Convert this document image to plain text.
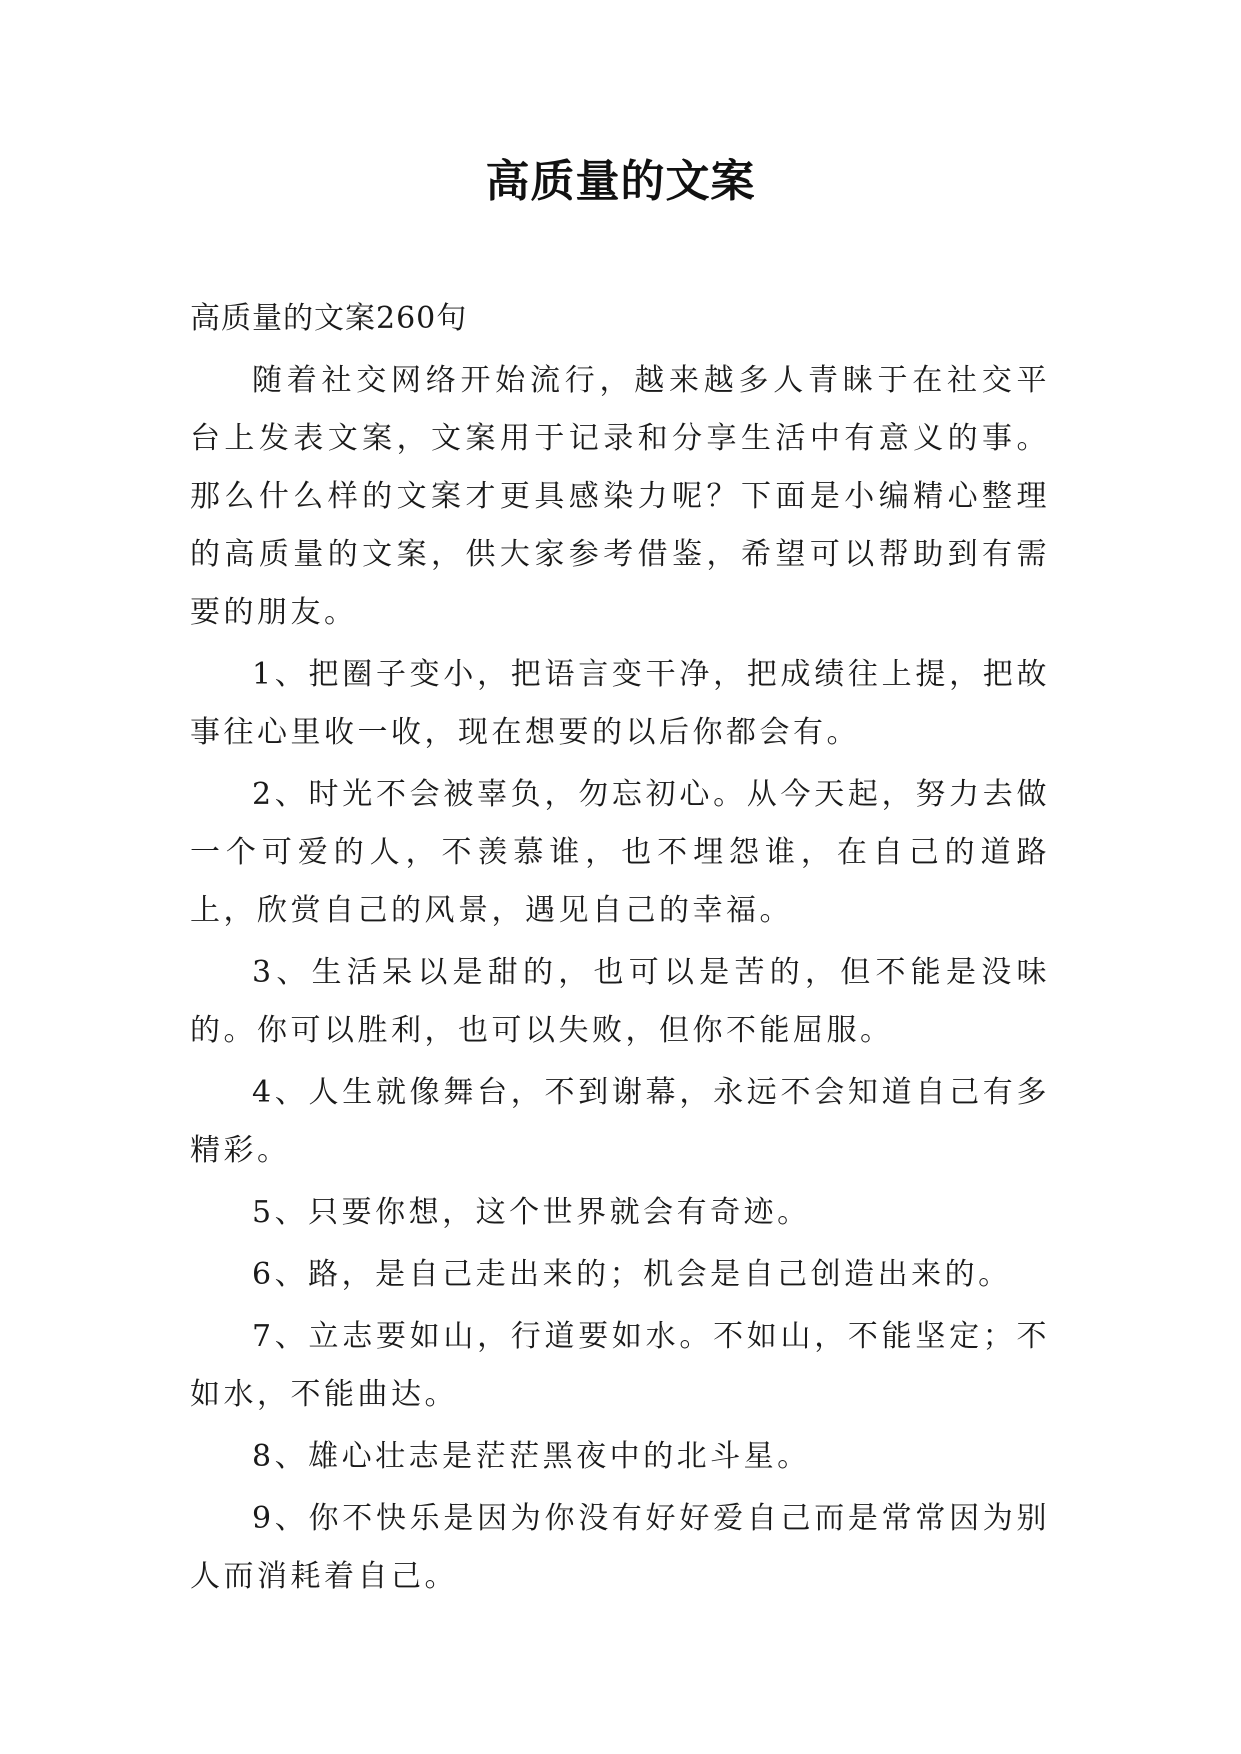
高质量的文案

高质量的文案260句

随着社交网络开始流行，越来越多人青睐于在社交平台上发表文案，文案用于记录和分享生活中有意义的事。那么什么样的文案才更具感染力呢？下面是小编精心整理的高质量的文案，供大家参考借鉴，希望可以帮助到有需要的朋友。

1、把圈子变小，把语言变干净，把成绩往上提，把故事往心里收一收，现在想要的以后你都会有。

2、时光不会被辜负，勿忘初心。从今天起，努力去做一个可爱的人，不羡慕谁，也不埋怨谁，在自己的道路上，欣赏自己的风景，遇见自己的幸福。

3、生活呆以是甜的，也可以是苦的，但不能是没味的。你可以胜利，也可以失败，但你不能屈服。

4、人生就像舞台，不到谢幕，永远不会知道自己有多精彩。

5、只要你想，这个世界就会有奇迹。

6、路，是自己走出来的；机会是自己创造出来的。

7、立志要如山，行道要如水。不如山，不能坚定；不如水，不能曲达。

8、雄心壮志是茫茫黑夜中的北斗星。

9、你不快乐是因为你没有好好爱自己而是常常因为别人而消耗着自己。
